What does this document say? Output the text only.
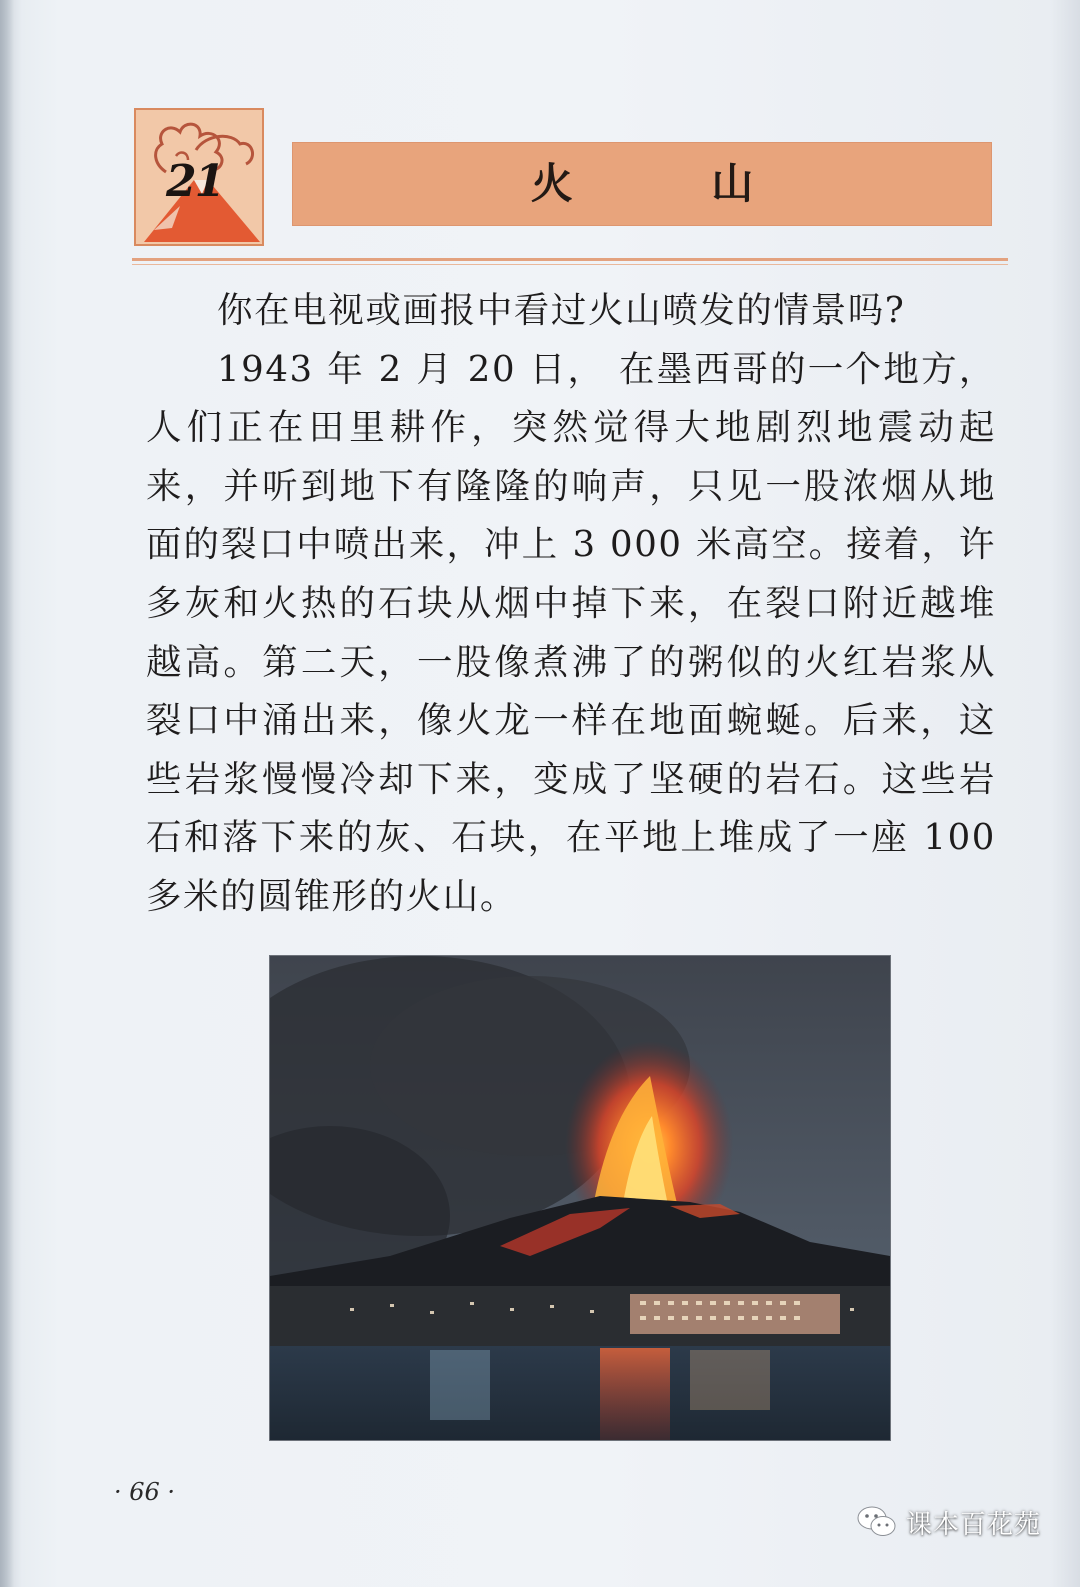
21	火 山

你在电视或画报中看过火山喷发的情景吗?

1943 年 2 月 20 日， 在墨西哥的一个地方，人们正在田里耕作，突然觉得大地剧烈地震动起来，并听到地下有隆隆的响声，只见一股浓烟从地面的裂口中喷出来，冲上 3 000 米高空。接着，许多灰和火热的石块从烟中掉下来，在裂口附近越堆越高。第二天，一股像煮沸了的粥似的火红岩浆从裂口中涌出来，像火龙一样在地面蜿蜒。后来，这些岩浆慢慢冷却下来，变成了坚硬的岩石。这些岩石和落下来的灰、石块，在平地上堆成了一座 100 多米的圆锥形的火山。

· 66 ·
课本百花苑
